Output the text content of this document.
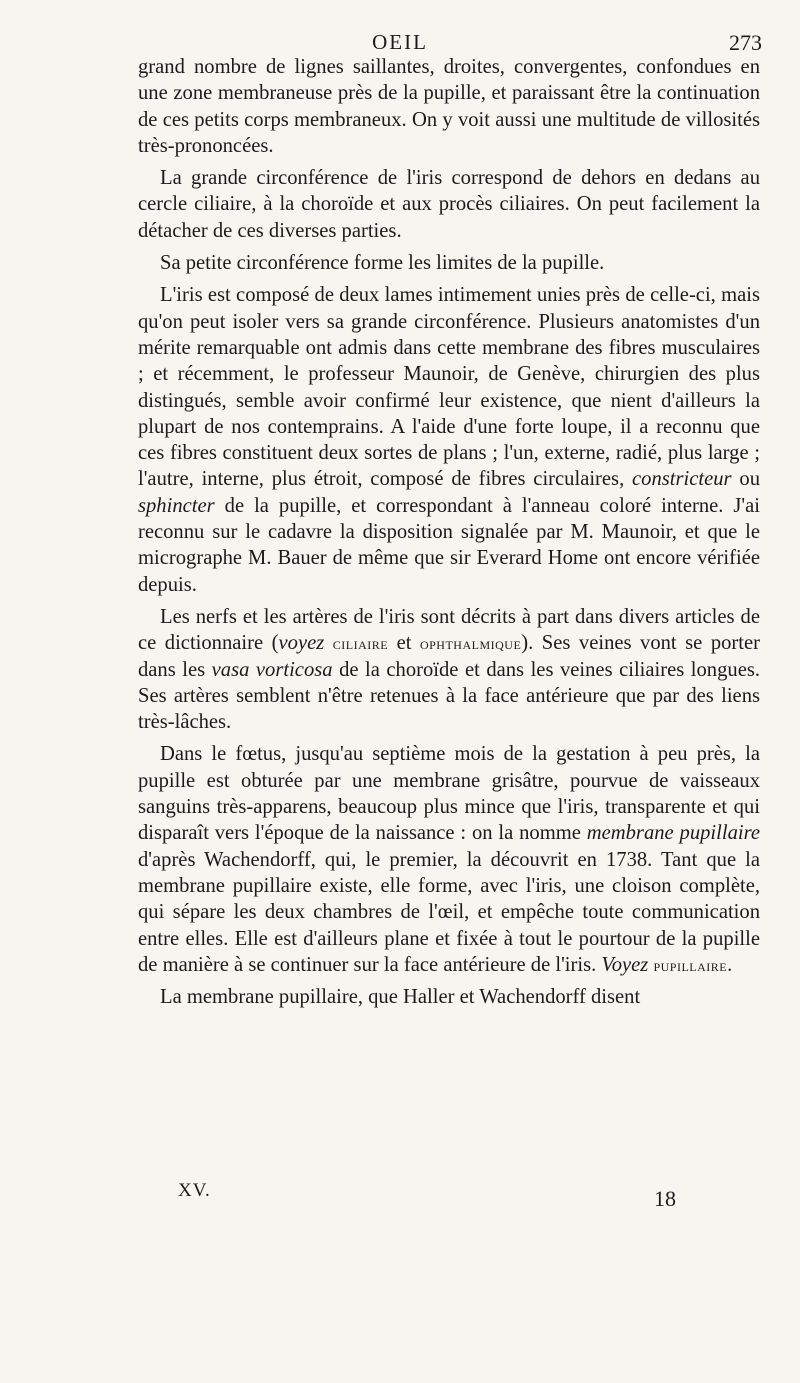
OEIL	273

grand nombre de lignes saillantes, droites, convergentes, confondues en une zone membraneuse près de la pupille, et paraissant être la continuation de ces petits corps membraneux. On y voit aussi une multitude de villosités très-prononcées.

La grande circonférence de l'iris correspond de dehors en dedans au cercle ciliaire, à la choroïde et aux procès ciliaires. On peut facilement la détacher de ces diverses parties.

Sa petite circonférence forme les limites de la pupille.

L'iris est composé de deux lames intimement unies près de celle-ci, mais qu'on peut isoler vers sa grande circonférence. Plusieurs anatomistes d'un mérite remarquable ont admis dans cette membrane des fibres musculaires ; et récemment, le professeur Maunoir, de Genève, chirurgien des plus distingués, semble avoir confirmé leur existence, que nient d'ailleurs la plupart de nos contemprains. A l'aide d'une forte loupe, il a reconnu que ces fibres constituent deux sortes de plans ; l'un, externe, radié, plus large ; l'autre, interne, plus étroit, composé de fibres circulaires, constricteur ou sphincter de la pupille, et correspondant à l'anneau coloré interne. J'ai reconnu sur le cadavre la disposition signalée par M. Maunoir, et que le micrographe M. Bauer de même que sir Everard Home ont encore vérifiée depuis.

Les nerfs et les artères de l'iris sont décrits à part dans divers articles de ce dictionnaire (voyez ciliaire et ophthalmique). Ses veines vont se porter dans les vasa vorticosa de la choroïde et dans les veines ciliaires longues. Ses artères semblent n'être retenues à la face antérieure que par des liens très-lâches.

Dans le fœtus, jusqu'au septième mois de la gestation à peu près, la pupille est obturée par une membrane grisâtre, pourvue de vaisseaux sanguins très-apparens, beaucoup plus mince que l'iris, transparente et qui disparaît vers l'époque de la naissance : on la nomme membrane pupillaire d'après Wachendorff, qui, le premier, la découvrit en 1738. Tant que la membrane pupillaire existe, elle forme, avec l'iris, une cloison complète, qui sépare les deux chambres de l'œil, et empêche toute communication entre elles. Elle est d'ailleurs plane et fixée à tout le pourtour de la pupille de manière à se continuer sur la face antérieure de l'iris. Voyez pupillaire.

La membrane pupillaire, que Haller et Wachendorff disent

XV.	18
